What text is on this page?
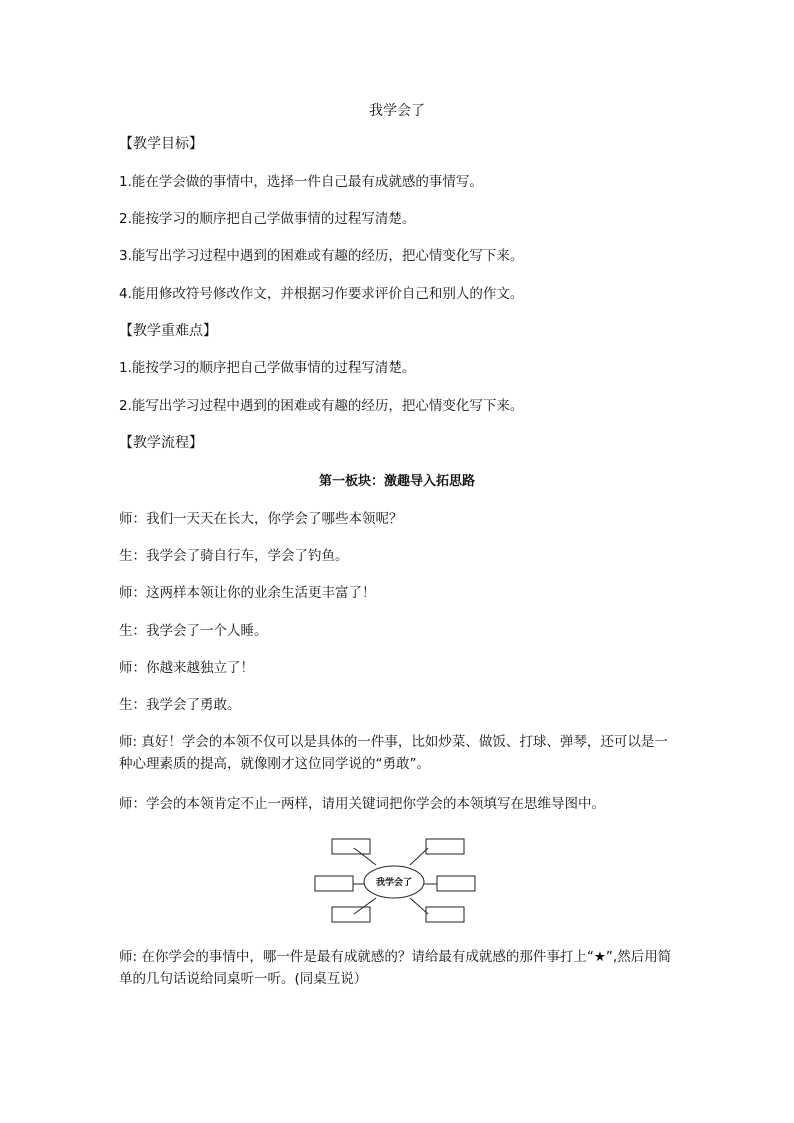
我学会了
【教学目标】
1.能在学会做的事情中，选择一件自己最有成就感的事情写。
2.能按学习的顺序把自己学做事情的过程写清楚。
3.能写出学习过程中遇到的困难或有趣的经历，把心情变化写下来。
4.能用修改符号修改作文，并根据习作要求评价自己和别人的作文。
【教学重难点】
1.能按学习的顺序把自己学做事情的过程写清楚。
2.能写出学习过程中遇到的困难或有趣的经历，把心情变化写下来。
【教学流程】
第一板块：激趣导入拓思路
师：我们一天天在长大，你学会了哪些本领呢？
生：我学会了骑自行车，学会了钓鱼。
师：这两样本领让你的业余生活更丰富了！
生：我学会了一个人睡。
师：你越来越独立了！
生：我学会了勇敢。
师: 真好！学会的本领不仅可以是具体的一件事，比如炒菜、做饭、打球、弹琴，还可以是一种心理素质的提高，就像刚才这位同学说的“勇敢”。
师：学会的本领肯定不止一两样，请用关键词把你学会的本领填写在思维导图中。
我学会了
师: 在你学会的事情中，哪一件是最有成就感的？请给最有成就感的那件事打上“★”,然后用简单的几句话说给同桌听一听。(同桌互说）
